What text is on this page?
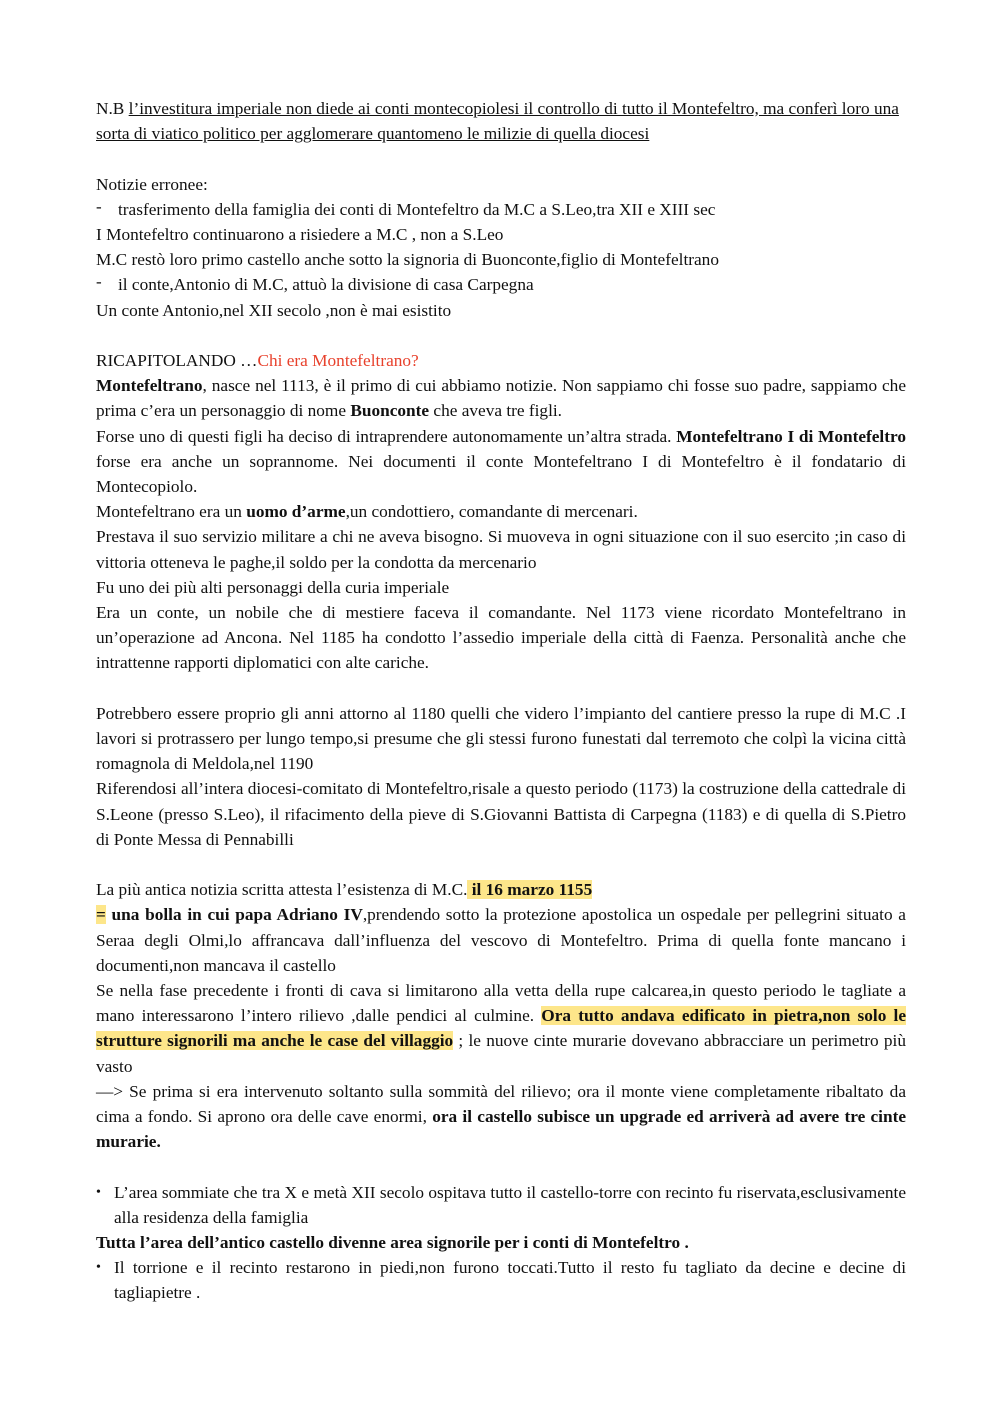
N.B l’investitura imperiale non diede ai conti montecopiolesi il controllo di tutto il Montefeltro, ma conferì loro una sorta di viatico politico per agglomerare quantomeno le milizie di quella diocesi

Notizie erronee:

- trasferimento della famiglia dei conti di Montefeltro da M.C a S.Leo,tra XII e XIII sec

I Montefeltro continuarono a risiedere a M.C , non a S.Leo

M.C restò loro primo castello anche sotto la signoria di Buonconte,figlio di Montefeltrano

- il conte,Antonio di M.C, attuò la divisione di casa Carpegna

Un conte Antonio,nel XII secolo ,non è mai esistito

RICAPITOLANDO …Chi era Montefeltrano?

Montefeltrano, nasce nel 1113, è il primo di cui abbiamo notizie. Non sappiamo chi fosse suo padre, sappiamo che prima c’era un personaggio di nome Buonconte che aveva tre figli.

Forse uno di questi figli ha deciso di intraprendere autonomamente un’altra strada. Montefeltrano I di Montefeltro forse era anche un soprannome. Nei documenti il conte Montefeltrano I di Montefeltro è il fondatario di Montecopiolo.

Montefeltrano era un uomo d’arme,un condottiero, comandante di mercenari.

Prestava il suo servizio militare a chi ne aveva bisogno. Si muoveva in ogni situazione con il suo esercito ;in caso di vittoria otteneva le paghe,il soldo per la condotta da mercenario

Fu uno dei più alti personaggi della curia imperiale

Era un conte, un nobile che di mestiere faceva il comandante. Nel 1173 viene ricordato Montefeltrano in un’operazione ad Ancona. Nel 1185 ha condotto l’assedio imperiale della città di Faenza. Personalità anche che intrattenne rapporti diplomatici con alte cariche.

Potrebbero essere proprio gli anni attorno al 1180 quelli che videro l’impianto del cantiere presso la rupe di M.C .I lavori si protrassero per lungo tempo,si presume che gli stessi furono funestati dal terremoto che colpì la vicina città romagnola di Meldola,nel 1190

Riferendosi all’intera diocesi-comitato di Montefeltro,risale a questo periodo (1173) la costruzione della cattedrale di S.Leone (presso S.Leo), il rifacimento della pieve di S.Giovanni Battista di Carpegna (1183) e di quella di S.Pietro di Ponte Messa di Pennabilli

La più antica notizia scritta attesta l’esistenza di M.C. il 16 marzo 1155

= una bolla in cui papa Adriano IV,prendendo sotto la protezione apostolica un ospedale per pellegrini situato a Seraa degli Olmi,lo affrancava dall’influenza del vescovo di Montefeltro. Prima di quella fonte mancano i documenti,non mancava il castello

Se nella fase precedente i fronti di cava si limitarono alla vetta della rupe calcarea,in questo periodo le tagliate a mano interessarono l’intero rilievo ,dalle pendici al culmine. Ora tutto andava edificato in pietra,non solo le strutture signorili ma anche le case del villaggio ; le nuove cinte murarie dovevano abbracciare un perimetro più vasto

—> Se prima si era intervenuto soltanto sulla sommità del rilievo; ora il monte viene completamente ribaltato da cima a fondo. Si aprono ora delle cave enormi, ora il castello subisce un upgrade ed arriverà ad avere tre cinte murarie.

• L’area sommiate che tra X e metà XII secolo ospitava tutto il castello-torre con recinto fu riservata,esclusivamente alla residenza della famiglia

Tutta l’area dell’antico castello divenne area signorile per i conti di Montefeltro .

• Il torrione e il recinto restarono in piedi,non furono toccati.Tutto il resto fu tagliato da decine e decine di tagliapietre .
